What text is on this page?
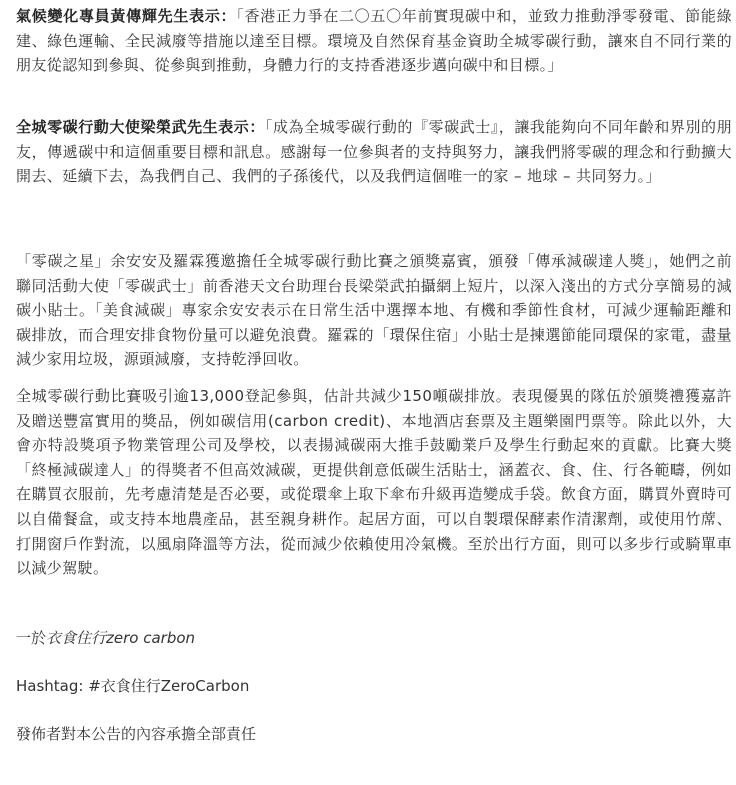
氣候變化專員黃傳輝先生表示：「香港正力爭在二〇五〇年前實現碳中和，並致力推動淨零發電、節能綠建、綠色運輸、全民減廢等措施以達至目標。環境及自然保育基金資助全城零碳行動，讓來自不同行業的朋友從認知到參與、從參與到推動，身體力行的支持香港逐步邁向碳中和目標。」

全城零碳行動大使梁榮武先生表示：「成為全城零碳行動的『零碳武士』，讓我能夠向不同年齡和界別的朋友，傳遞碳中和這個重要目標和訊息。感謝每一位參與者的支持與努力，讓我們將零碳的理念和行動擴大開去、延續下去，為我們自己、我們的子孫後代，以及我們這個唯一的家 – 地球 – 共同努力。」

「零碳之星」余安安及羅霖獲邀擔任全城零碳行動比賽之頒獎嘉賓，頒發「傳承減碳達人獎」，她們之前聯同活動大使「零碳武士」前香港天文台助理台長梁榮武拍攝網上短片，以深入淺出的方式分享簡易的減碳小貼士。「美食減碳」專家余安安表示在日常生活中選擇本地、有機和季節性食材，可減少運輸距離和碳排放，而合理安排食物份量可以避免浪費。羅霖的「環保住宿」小貼士是揀選節能同環保的家電，盡量減少家用垃圾，源頭減廢，支持乾淨回收。

全城零碳行動比賽吸引逾13,000登記參與，估計共減少150噸碳排放。表現優異的隊伍於頒獎禮獲嘉許及贈送豐富實用的獎品，例如碳信用(carbon credit)、本地酒店套票及主題樂園門票等。除此以外，大會亦特設獎項予物業管理公司及學校，以表揚減碳兩大推手鼓勵業戶及學生行動起來的貢獻。比賽大獎「終極減碳達人」的得獎者不但高效減碳，更提供創意低碳生活貼士，涵蓋衣、食、住、行各範疇，例如在購買衣服前，先考慮清楚是否必要，或從環傘上取下傘布升級再造變成手袋。飲食方面，購買外賣時可以自備餐盒，或支持本地農產品，甚至親身耕作。起居方面，可以自製環保酵素作清潔劑，或使用竹蓆、打開窗戶作對流，以風扇降溫等方法，從而減少依賴使用冷氣機。至於出行方面，則可以多步行或騎單車以減少駕駛。

一於衣食住行zero carbon

Hashtag: #衣食住行ZeroCarbon

發佈者對本公告的內容承擔全部責任
